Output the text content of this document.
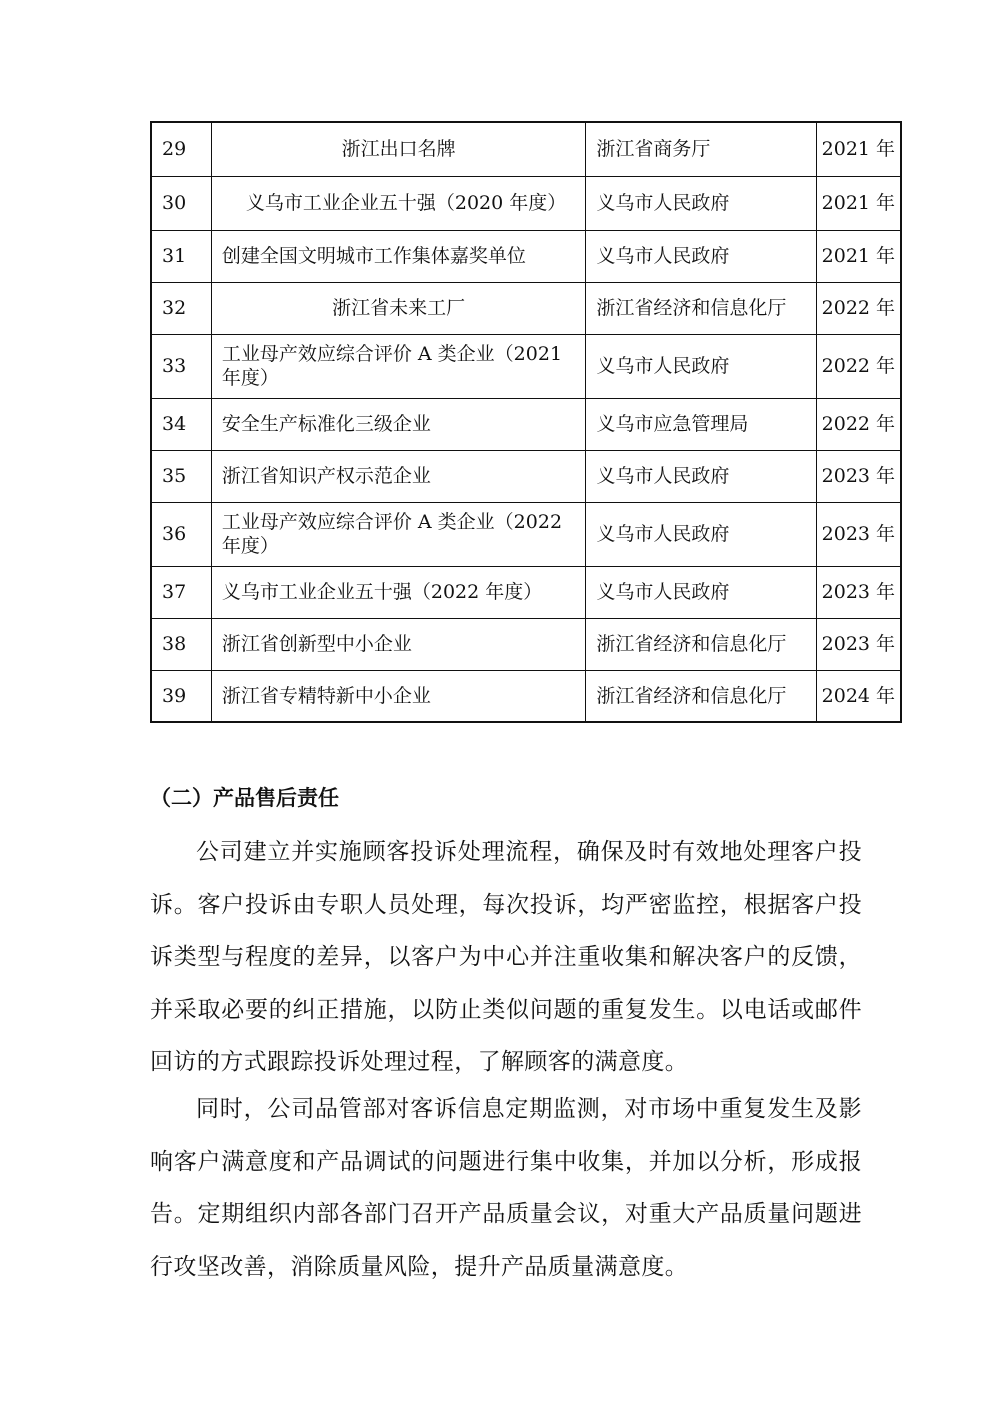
29	浙江出口名牌	浙江省商务厅	2021 年
30	义乌市工业企业五十强（2020 年度）	义乌市人民政府	2021 年
31	创建全国文明城市工作集体嘉奖单位	义乌市人民政府	2021 年
32	浙江省未来工厂	浙江省经济和信息化厅	2022 年
33	工业母产效应综合评价 A 类企业（2021 年度）	义乌市人民政府	2022 年
34	安全生产标准化三级企业	义乌市应急管理局	2022 年
35	浙江省知识产权示范企业	义乌市人民政府	2023 年
36	工业母产效应综合评价 A 类企业（2022 年度）	义乌市人民政府	2023 年
37	义乌市工业企业五十强（2022 年度）	义乌市人民政府	2023 年
38	浙江省创新型中小企业	浙江省经济和信息化厅	2023 年
39	浙江省专精特新中小企业	浙江省经济和信息化厅	2024 年
（二）产品售后责任

公司建立并实施顾客投诉处理流程，确保及时有效地处理客户投诉。客户投诉由专职人员处理，每次投诉，均严密监控，根据客户投诉类型与程度的差异，以客户为中心并注重收集和解决客户的反馈，并采取必要的纠正措施，以防止类似问题的重复发生。以电话或邮件回访的方式跟踪投诉处理过程，了解顾客的满意度。

同时，公司品管部对客诉信息定期监测，对市场中重复发生及影响客户满意度和产品调试的问题进行集中收集，并加以分析，形成报告。定期组织内部各部门召开产品质量会议，对重大产品质量问题进行攻坚改善，消除质量风险，提升产品质量满意度。
